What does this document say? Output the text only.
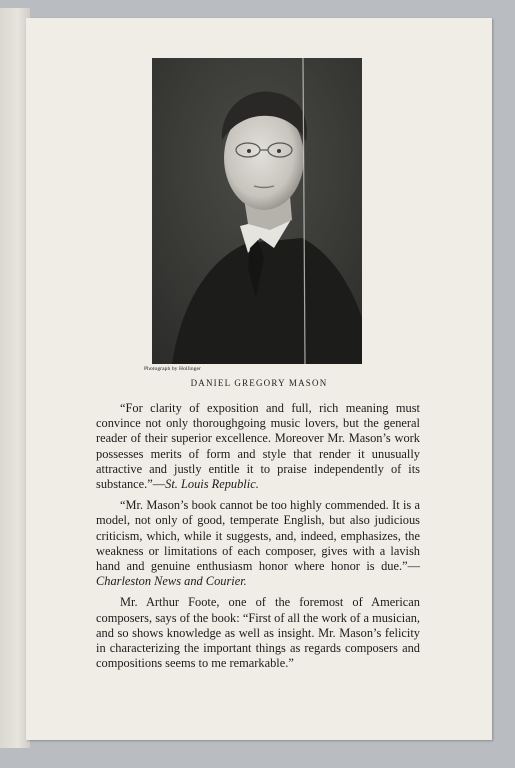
Photograph by Hollinger
DANIEL GREGORY MASON

“For clarity of exposition and full, rich meaning must convince not only thoroughgoing music lovers, but the general reader of their superior excellence. Moreover Mr. Mason’s work possesses merits of form and style that render it unusually attractive and justly entitle it to praise independently of its substance.”—St. Louis Republic.

“Mr. Mason’s book cannot be too highly commended. It is a model, not only of good, temperate English, but also judicious criticism, which, while it suggests, and, indeed, emphasizes, the weakness or limitations of each composer, gives with a lavish hand and genuine enthusiasm honor where honor is due.”—Charleston News and Courier.

Mr. Arthur Foote, one of the foremost of American composers, says of the book: “First of all the work of a musician, and so shows knowledge as well as insight. Mr. Mason’s felicity in characterizing the important things as regards composers and compositions seems to me remarkable.”
